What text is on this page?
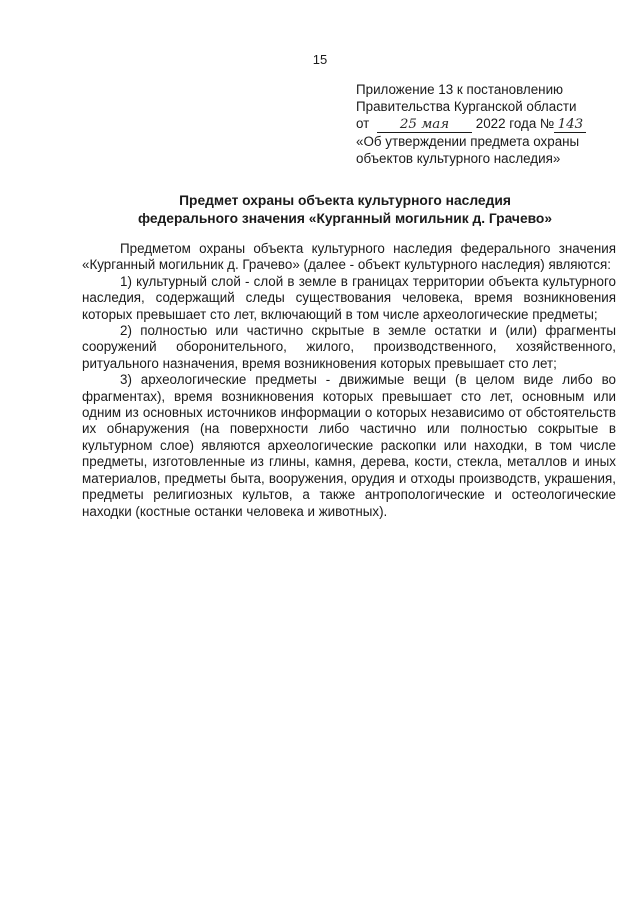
15
Приложение 13 к постановлению
Правительства Курганской области
от 25 мая 2022 года № 143
«Об утверждении предмета охраны
объектов культурного наследия»
Предмет охраны объекта культурного наследия
федерального значения «Курганный могильник д. Грачево»

Предметом охраны объекта культурного наследия федерального значения «Курганный могильник д. Грачево» (далее - объект культурного наследия) являются:

1) культурный слой - слой в земле в границах территории объекта культурного наследия, содержащий следы существования человека, время возникновения которых превышает сто лет, включающий в том числе археологические предметы;

2) полностью или частично скрытые в земле остатки и (или) фрагменты сооружений оборонительного, жилого, производственного, хозяйственного, ритуального назначения, время возникновения которых превышает сто лет;

3) археологические предметы - движимые вещи (в целом виде либо во фрагментах), время возникновения которых превышает сто лет, основным или одним из основных источников информации о которых независимо от обстоятельств их обнаружения (на поверхности либо частично или полностью сокрытые в культурном слое) являются археологические раскопки или находки, в том числе предметы, изготовленные из глины, камня, дерева, кости, стекла, металлов и иных материалов, предметы быта, вооружения, орудия и отходы производств, украшения, предметы религиозных культов, а также антропологические и остеологические находки (костные останки человека и животных).
